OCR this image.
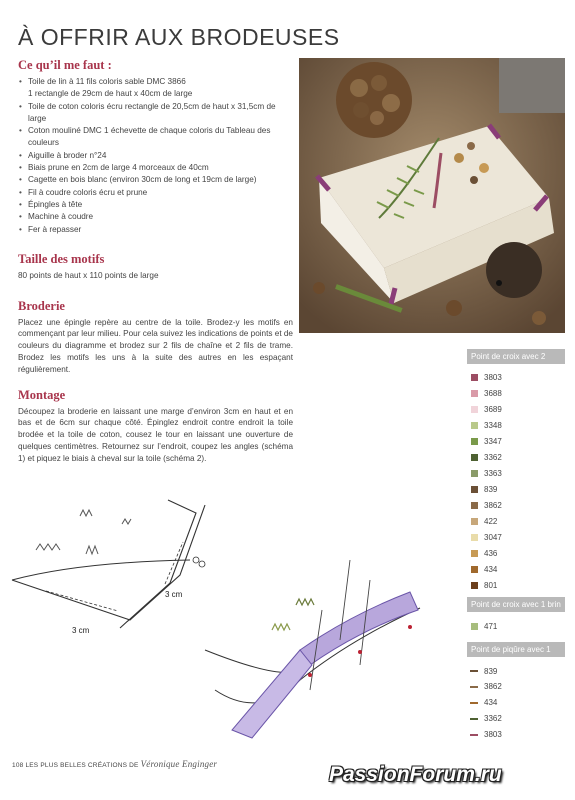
À OFFRIR AUX BRODEUSES
Ce qu’il me faut :
• Toile de lin à 11 fils coloris sable DMC 3866
1 rectangle de 29cm de haut x 40cm de large
• Toile de coton coloris écru rectangle de 20,5cm de haut x 31,5cm de large
• Coton mouliné DMC 1 échevette de chaque coloris du Tableau des couleurs
• Aiguille à broder n°24
• Biais prune en 2cm de large 4 morceaux de 40cm
• Cagette en bois blanc (environ 30cm de long et 19cm de large)
• Fil à coudre coloris écru et prune
• Épingles à tête
• Machine à coudre
• Fer à repasser
Taille des motifs

80 points de haut x 110 points de large

Broderie

Placez une épingle repère au centre de la toile. Brodez-y les motifs en commençant par leur milieu. Pour cela suivez les indications de points et de couleurs du diagramme et brodez sur 2 fils de chaîne et 2 fils de trame. Brodez les motifs les uns à la suite des autres en les espaçant régulièrement.

Montage

Découpez la broderie en laissant une marge d’environ 3cm en haut et en bas et de 6cm sur chaque côté. Épinglez endroit contre endroit la toile brodée et la toile de coton, cousez le tour en laissant une ouverture de quelques centimètres. Retournez sur l’endroit, coupez les angles (schéma 1) et piquez le biais à cheval sur la toile (schéma 2).

Point de croix avec 2 brins
3803
3688
3689
3348
3347
3362
3363
839
3862
422
3047
436
434
801
Point de croix avec 1 brin
471
Point de piqûre avec 1 brin
839
3862
434
3362
3803
3 cm
3 cm
108 LES PLUS BELLES CRÉATIONS DE Véronique Enginger	PassionForum.ru
